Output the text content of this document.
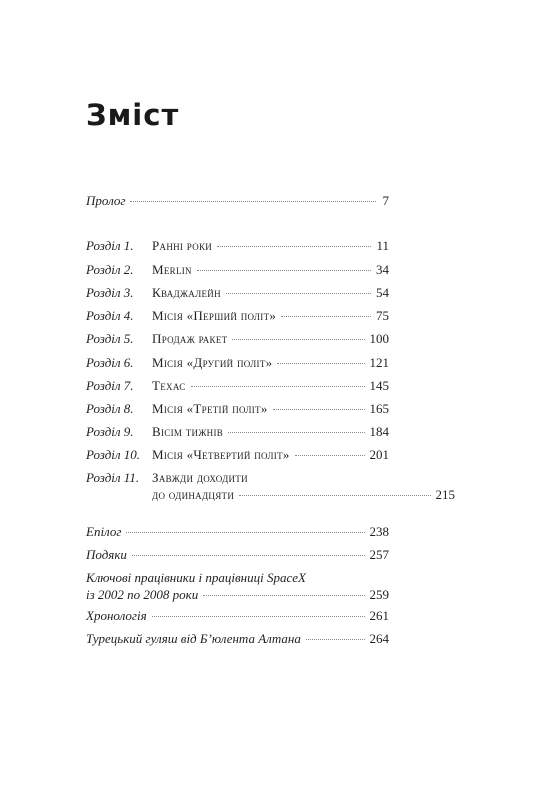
Зміст
Пролог	7
Розділ 1.	Ранні роки	11
Розділ 2.	Merlin	34
Розділ 3.	Кваджалейн	54
Розділ 4.	Місія «Перший політ»	75
Розділ 5.	Продаж ракет	100
Розділ 6.	Місія «Другий політ»	121
Розділ 7.	Техас	145
Розділ 8.	Місія «Третій політ»	165
Розділ 9.	Вісім тижнів	184
Розділ 10. Місія «Четвертий політ»	201
Розділ 11. Завжди доходити
до одинадцяти	215
Епілог	238
Подяки	257
Ключові працівники і працівниці SpaceX
із 2002 по 2008 роки	259
Хронологія	261
Турецький гуляш від Б’юлента Алтана	264
